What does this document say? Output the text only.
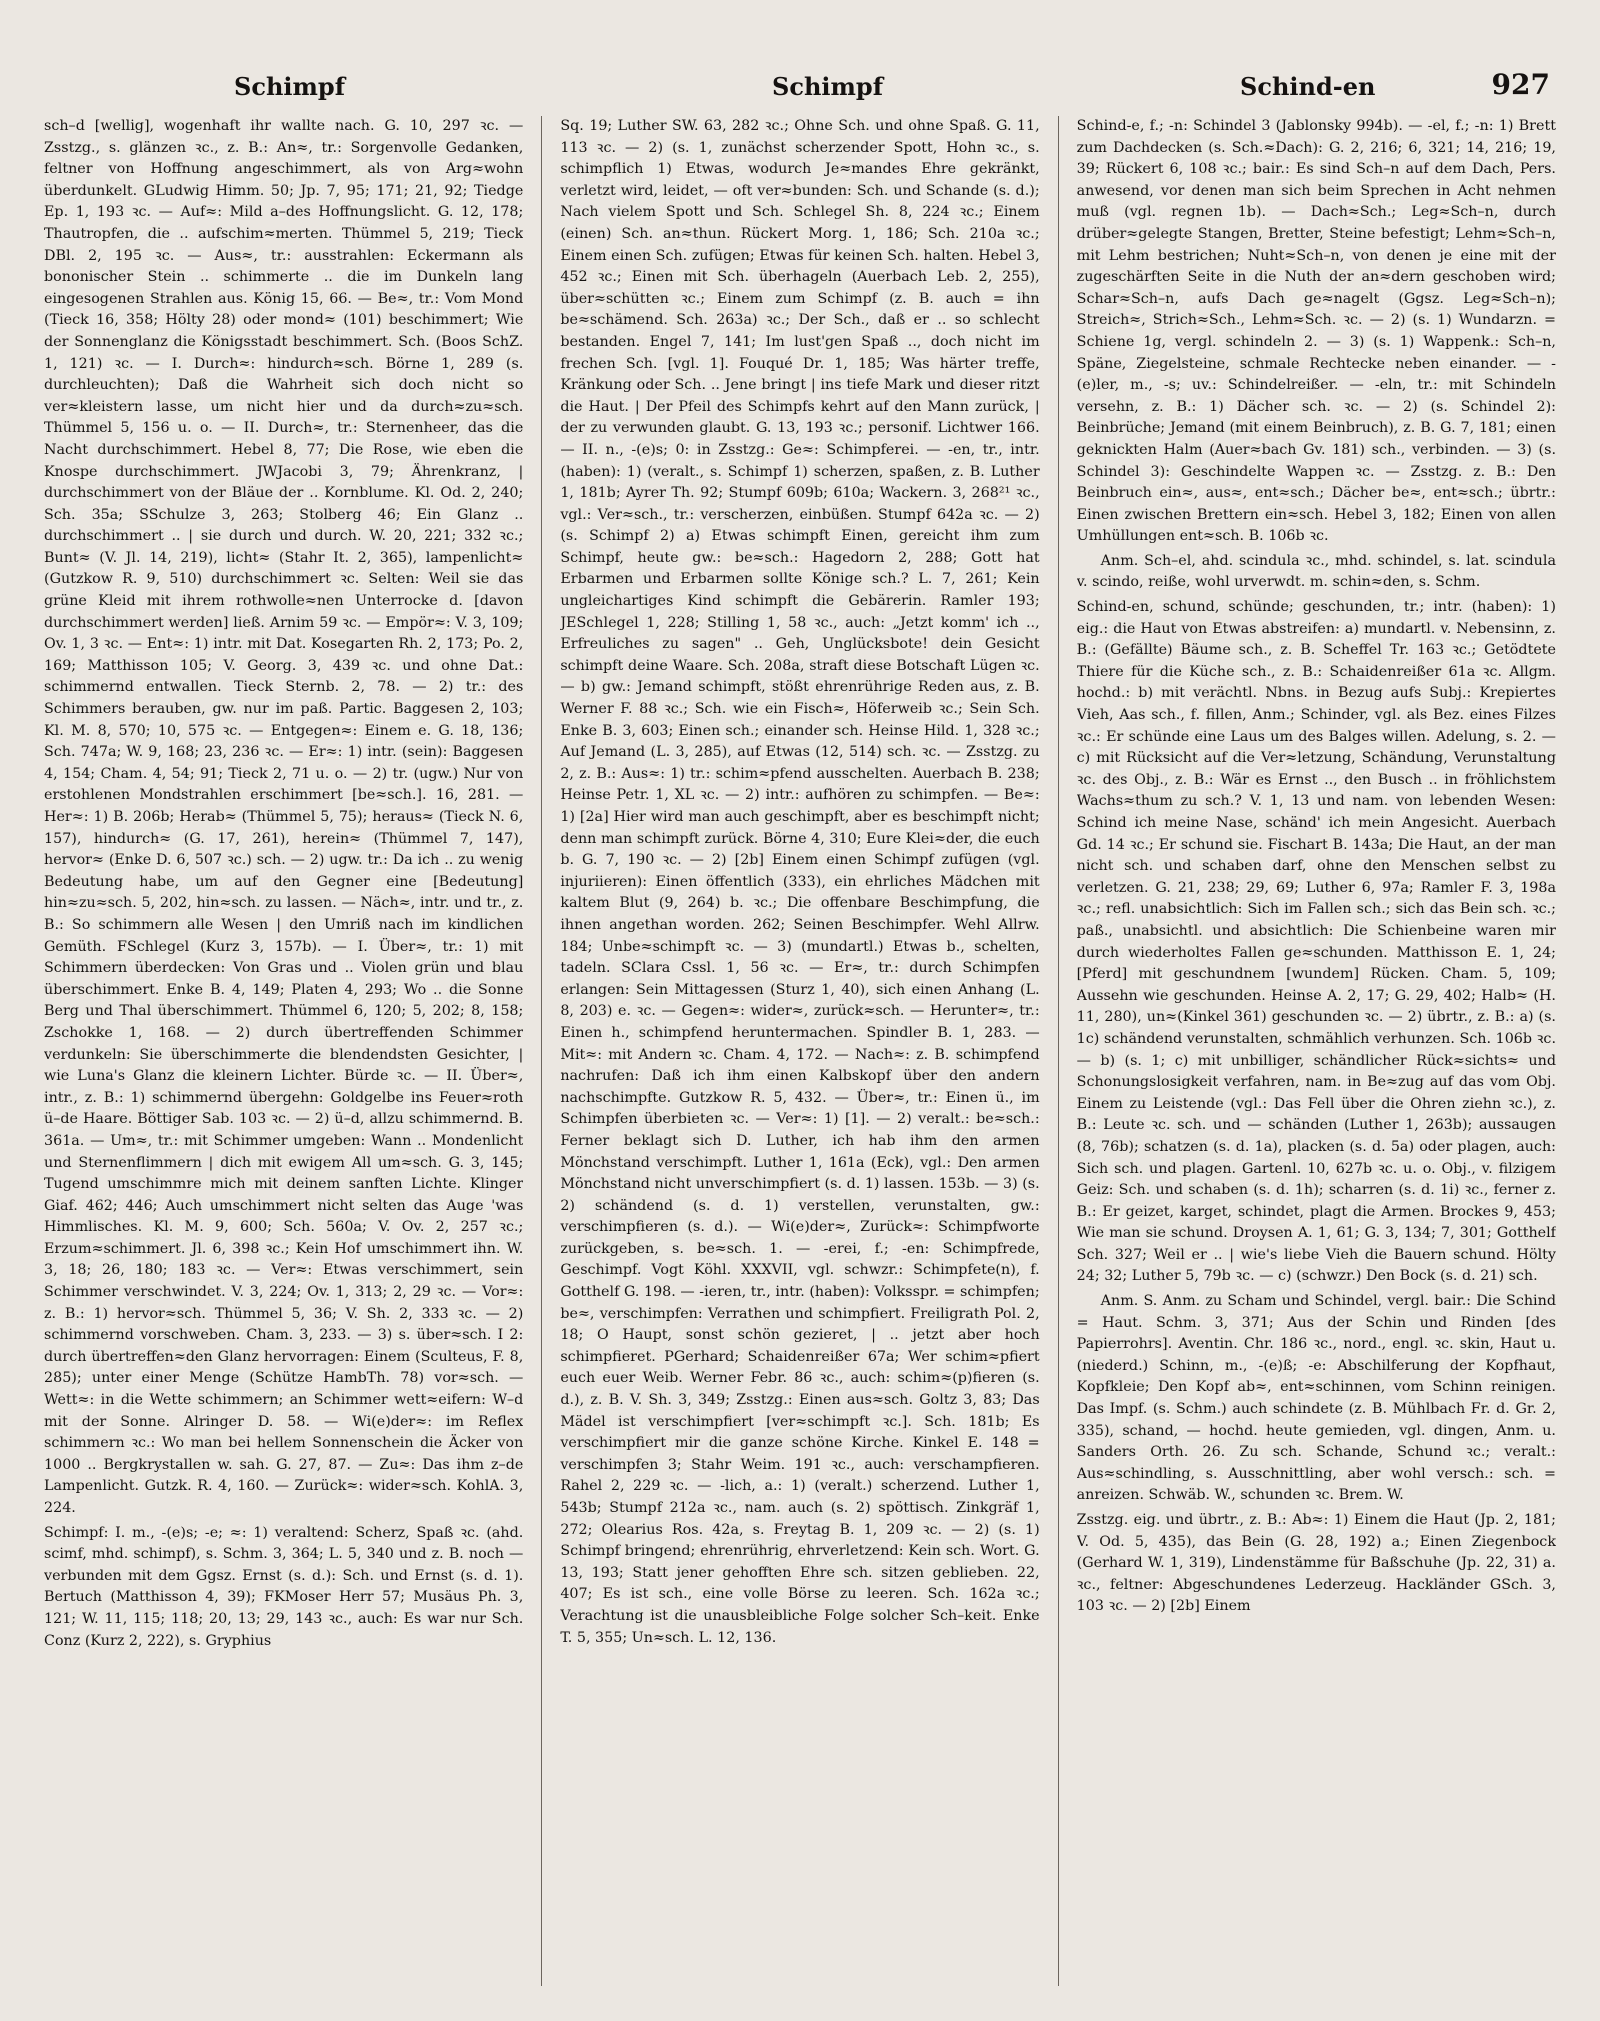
Schimpf	Schimpf	Schind-en	927

sch–d [wellig], wogenhaft ihr wallte nach. G. 10, 297 ꝛc. — Zsstzg., s. glänzen ꝛc., z. B.: An≈, tr.: Sorgenvolle Gedanken, feltner von Hoffnung angeschimmert, als von Arg≈wohn überdunkelt. GLudwig Himm. 50; Jp. 7, 95; 171; 21, 92; Tiedge Ep. 1, 193 ꝛc. — Auf≈: Mild a–des Hoffnungslicht. G. 12, 178; Thautropfen, die .. aufschim≈merten. Thümmel 5, 219; Tieck DBl. 2, 195 ꝛc. — Aus≈, tr.: ausstrahlen: Eckermann als bononischer Stein .. schimmerte .. die im Dunkeln lang eingesogenen Strahlen aus. König 15, 66. — Be≈, tr.: Vom Mond (Tieck 16, 358; Hölty 28) oder mond≈ (101) beschimmert; Wie der Sonnenglanz die Königsstadt beschimmert. Sch. (Boos SchZ. 1, 121) ꝛc. — I. Durch≈: hindurch≈sch. Börne 1, 289 (s. durchleuchten); Daß die Wahrheit sich doch nicht so ver≈kleistern lasse, um nicht hier und da durch≈zu≈sch. Thümmel 5, 156 u. o. — II. Durch≈, tr.: Sternenheer, das die Nacht durchschimmert. Hebel 8, 77; Die Rose, wie eben die Knospe durchschimmert. JWJacobi 3, 79; Ährenkranz, | durchschimmert von der Bläue der .. Kornblume. Kl. Od. 2, 240; Sch. 35a; SSchulze 3, 263; Stolberg 46; Ein Glanz .. durchschimmert .. | sie durch und durch. W. 20, 221; 332 ꝛc.; Bunt≈ (V. Jl. 14, 219), licht≈ (Stahr It. 2, 365), lampenlicht≈ (Gutzkow R. 9, 510) durchschimmert ꝛc. Selten: Weil sie das grüne Kleid mit ihrem rothwolle≈nen Unterrocke d. [davon durchschimmert werden] ließ. Arnim 59 ꝛc. — Empör≈: V. 3, 109; Ov. 1, 3 ꝛc. — Ent≈: 1) intr. mit Dat. Kosegarten Rh. 2, 173; Po. 2, 169; Matthisson 105; V. Georg. 3, 439 ꝛc. und ohne Dat.: schimmernd entwallen. Tieck Sternb. 2, 78. — 2) tr.: des Schimmers berauben, gw. nur im paß. Partic. Baggesen 2, 103; Kl. M. 8, 570; 10, 575 ꝛc. — Entgegen≈: Einem e. G. 18, 136; Sch. 747a; W. 9, 168; 23, 236 ꝛc. — Er≈: 1) intr. (sein): Baggesen 4, 154; Cham. 4, 54; 91; Tieck 2, 71 u. o. — 2) tr. (ugw.) Nur von erstohlenen Mondstrahlen erschimmert [be≈sch.]. 16, 281. — Her≈: 1) B. 206b; Herab≈ (Thümmel 5, 75); heraus≈ (Tieck N. 6, 157), hindurch≈ (G. 17, 261), herein≈ (Thümmel 7, 147), hervor≈ (Enke D. 6, 507 ꝛc.) sch. — 2) ugw. tr.: Da ich .. zu wenig Bedeutung habe, um auf den Gegner eine [Bedeutung] hin≈zu≈sch. 5, 202, hin≈sch. zu lassen. — Näch≈, intr. und tr., z. B.: So schimmern alle Wesen | den Umriß nach im kindlichen Gemüth. FSchlegel (Kurz 3, 157b). — I. Über≈, tr.: 1) mit Schimmern überdecken: Von Gras und .. Violen grün und blau überschimmert. Enke B. 4, 149; Platen 4, 293; Wo .. die Sonne Berg und Thal überschimmert. Thümmel 6, 120; 5, 202; 8, 158; Zschokke 1, 168. — 2) durch übertreffenden Schimmer verdunkeln: Sie überschimmerte die blendendsten Gesichter, | wie Luna's Glanz die kleinern Lichter. Bürde ꝛc. — II. Über≈, intr., z. B.: 1) schimmernd übergehn: Goldgelbe ins Feuer≈roth ü–de Haare. Böttiger Sab. 103 ꝛc. — 2) ü–d, allzu schimmernd. B. 361a. — Um≈, tr.: mit Schimmer umgeben: Wann .. Mondenlicht und Sternenflimmern | dich mit ewigem All um≈sch. G. 3, 145; Tugend umschimmre mich mit deinem sanften Lichte. Klinger Giaf. 462; 446; Auch umschimmert nicht selten das Auge 'was Himmlisches. Kl. M. 9, 600; Sch. 560a; V. Ov. 2, 257 ꝛc.; Erzum≈schimmert. Jl. 6, 398 ꝛc.; Kein Hof umschimmert ihn. W. 3, 18; 26, 180; 183 ꝛc. — Ver≈: Etwas verschimmert, sein Schimmer verschwindet. V. 3, 224; Ov. 1, 313; 2, 29 ꝛc. — Vor≈: z. B.: 1) hervor≈sch. Thümmel 5, 36; V. Sh. 2, 333 ꝛc. — 2) schimmernd vorschweben. Cham. 3, 233. — 3) s. über≈sch. I 2: durch übertreffen≈den Glanz hervorragen: Einem (Sculteus, F. 8, 285); unter einer Menge (Schütze HambTh. 78) vor≈sch. — Wett≈: in die Wette schimmern; an Schimmer wett≈eifern: W–d mit der Sonne. Alringer D. 58. — Wi(e)der≈: im Reflex schimmern ꝛc.: Wo man bei hellem Sonnenschein die Äcker von 1000 .. Bergkrystallen w. sah. G. 27, 87. — Zu≈: Das ihm z–de Lampenlicht. Gutzk. R. 4, 160. — Zurück≈: wider≈sch. KohlA. 3, 224.

Schimpf: I. m., -(e)s; -e; ≈: 1) veraltend: Scherz, Spaß ꝛc. (ahd. scimf, mhd. schimpf), s. Schm. 3, 364; L. 5, 340 und z. B. noch — verbunden mit dem Ggsz. Ernst (s. d.): Sch. und Ernst (s. d. 1). Bertuch (Matthisson 4, 39); FKMoser Herr 57; Musäus Ph. 3, 121; W. 11, 115; 118; 20, 13; 29, 143 ꝛc., auch: Es war nur Sch. Conz (Kurz 2, 222), s. Gryphius

Sq. 19; Luther SW. 63, 282 ꝛc.; Ohne Sch. und ohne Spaß. G. 11, 113 ꝛc. — 2) (s. 1, zunächst scherzender Spott, Hohn ꝛc., s. schimpflich 1) Etwas, wodurch Je≈mandes Ehre gekränkt, verletzt wird, leidet, — oft ver≈bunden: Sch. und Schande (s. d.); Nach vielem Spott und Sch. Schlegel Sh. 8, 224 ꝛc.; Einem (einen) Sch. an≈thun. Rückert Morg. 1, 186; Sch. 210a ꝛc.; Einem einen Sch. zufügen; Etwas für keinen Sch. halten. Hebel 3, 452 ꝛc.; Einen mit Sch. überhageln (Auerbach Leb. 2, 255), über≈schütten ꝛc.; Einem zum Schimpf (z. B. auch = ihn be≈schämend. Sch. 263a) ꝛc.; Der Sch., daß er .. so schlecht bestanden. Engel 7, 141; Im lust'gen Spaß .., doch nicht im frechen Sch. [vgl. 1]. Fouqué Dr. 1, 185; Was härter treffe, Kränkung oder Sch. .. Jene bringt | ins tiefe Mark und dieser ritzt die Haut. | Der Pfeil des Schimpfs kehrt auf den Mann zurück, | der zu verwunden glaubt. G. 13, 193 ꝛc.; personif. Lichtwer 166. — II. n., -(e)s; 0: in Zsstzg.: Ge≈: Schimpferei. — -en, tr., intr. (haben): 1) (veralt., s. Schimpf 1) scherzen, spaßen, z. B. Luther 1, 181b; Ayrer Th. 92; Stumpf 609b; 610a; Wackern. 3, 268²¹ ꝛc., vgl.: Ver≈sch., tr.: verscherzen, einbüßen. Stumpf 642a ꝛc. — 2) (s. Schimpf 2) a) Etwas schimpft Einen, gereicht ihm zum Schimpf, heute gw.: be≈sch.: Hagedorn 2, 288; Gott hat Erbarmen und Erbarmen sollte Könige sch.? L. 7, 261; Kein ungleichartiges Kind schimpft die Gebärerin. Ramler 193; JESchlegel 1, 228; Stilling 1, 58 ꝛc., auch: „Jetzt komm' ich .., Erfreuliches zu sagen" .. Geh, Unglücksbote! dein Gesicht schimpft deine Waare. Sch. 208a, straft diese Botschaft Lügen ꝛc. — b) gw.: Jemand schimpft, stößt ehrenrührige Reden aus, z. B. Werner F. 88 ꝛc.; Sch. wie ein Fisch≈, Höferweib ꝛc.; Sein Sch. Enke B. 3, 603; Einen sch.; einander sch. Heinse Hild. 1, 328 ꝛc.; Auf Jemand (L. 3, 285), auf Etwas (12, 514) sch. ꝛc. — Zsstzg. zu 2, z. B.: Aus≈: 1) tr.: schim≈pfend ausschelten. Auerbach B. 238; Heinse Petr. 1, XL ꝛc. — 2) intr.: aufhören zu schimpfen. — Be≈: 1) [2a] Hier wird man auch geschimpft, aber es beschimpft nicht; denn man schimpft zurück. Börne 4, 310; Eure Klei≈der, die euch b. G. 7, 190 ꝛc. — 2) [2b] Einem einen Schimpf zufügen (vgl. injuriieren): Einen öffentlich (333), ein ehrliches Mädchen mit kaltem Blut (9, 264) b. ꝛc.; Die offenbare Beschimpfung, die ihnen angethan worden. 262; Seinen Beschimpfer. Wehl Allrw. 184; Unbe≈schimpft ꝛc. — 3) (mundartl.) Etwas b., schelten, tadeln. SClara Cssl. 1, 56 ꝛc. — Er≈, tr.: durch Schimpfen erlangen: Sein Mittagessen (Sturz 1, 40), sich einen Anhang (L. 8, 203) e. ꝛc. — Gegen≈: wider≈, zurück≈sch. — Herunter≈, tr.: Einen h., schimpfend heruntermachen. Spindler B. 1, 283. — Mit≈: mit Andern ꝛc. Cham. 4, 172. — Nach≈: z. B. schimpfend nachrufen: Daß ich ihm einen Kalbskopf über den andern nachschimpfte. Gutzkow R. 5, 432. — Über≈, tr.: Einen ü., im Schimpfen überbieten ꝛc. — Ver≈: 1) [1]. — 2) veralt.: be≈sch.: Ferner beklagt sich D. Luther, ich hab ihm den armen Mönchstand verschimpft. Luther 1, 161a (Eck), vgl.: Den armen Mönchstand nicht unverschimpfiert (s. d. 1) lassen. 153b. — 3) (s. 2) schändend (s. d. 1) verstellen, verunstalten, gw.: verschimpfieren (s. d.). — Wi(e)der≈, Zurück≈: Schimpfworte zurückgeben, s. be≈sch. 1. — -erei, f.; -en: Schimpfrede, Geschimpf. Vogt Köhl. XXXVII, vgl. schwzr.: Schimpfete(n), f. Gotthelf G. 198. — -ieren, tr., intr. (haben): Volksspr. = schimpfen; be≈, verschimpfen: Verrathen und schimpfiert. Freiligrath Pol. 2, 18; O Haupt, sonst schön gezieret, | .. jetzt aber hoch schimpfieret. PGerhard; Schaidenreißer 67a; Wer schim≈pfiert euch euer Weib. Werner Febr. 86 ꝛc., auch: schim≈(p)fieren (s. d.), z. B. V. Sh. 3, 349; Zsstzg.: Einen aus≈sch. Goltz 3, 83; Das Mädel ist verschimpfiert [ver≈schimpft ꝛc.]. Sch. 181b; Es verschimpfiert mir die ganze schöne Kirche. Kinkel E. 148 = verschimpfen 3; Stahr Weim. 191 ꝛc., auch: verschampfieren. Rahel 2, 229 ꝛc. — -lich, a.: 1) (veralt.) scherzend. Luther 1, 543b; Stumpf 212a ꝛc., nam. auch (s. 2) spöttisch. Zinkgräf 1, 272; Olearius Ros. 42a, s. Freytag B. 1, 209 ꝛc. — 2) (s. 1) Schimpf bringend; ehrenrührig, ehrverletzend: Kein sch. Wort. G. 13, 193; Statt jener gehofften Ehre sch. sitzen geblieben. 22, 407; Es ist sch., eine volle Börse zu leeren. Sch. 162a ꝛc.; Verachtung ist die unausbleibliche Folge solcher Sch–keit. Enke T. 5, 355; Un≈sch. L. 12, 136.

Schind-e, f.; -n: Schindel 3 (Jablonsky 994b). — -el, f.; -n: 1) Brett zum Dachdecken (s. Sch.≈Dach): G. 2, 216; 6, 321; 14, 216; 19, 39; Rückert 6, 108 ꝛc.; bair.: Es sind Sch–n auf dem Dach, Pers. anwesend, vor denen man sich beim Sprechen in Acht nehmen muß (vgl. regnen 1b). — Dach≈Sch.; Leg≈Sch–n, durch drüber≈gelegte Stangen, Bretter, Steine befestigt; Lehm≈Sch–n, mit Lehm bestrichen; Nuht≈Sch–n, von denen je eine mit der zugeschärften Seite in die Nuth der an≈dern geschoben wird; Schar≈Sch–n, aufs Dach ge≈nagelt (Ggsz. Leg≈Sch–n); Streich≈, Strich≈Sch., Lehm≈Sch. ꝛc. — 2) (s. 1) Wundarzn. = Schiene 1g, vergl. schindeln 2. — 3) (s. 1) Wappenk.: Sch–n, Späne, Ziegelsteine, schmale Rechtecke neben einander. — -(e)ler, m., -s; uv.: Schindelreißer. — -eln, tr.: mit Schindeln versehn, z. B.: 1) Dächer sch. ꝛc. — 2) (s. Schindel 2): Beinbrüche; Jemand (mit einem Beinbruch), z. B. G. 7, 181; einen geknickten Halm (Auer≈bach Gv. 181) sch., verbinden. — 3) (s. Schindel 3): Geschindelte Wappen ꝛc. — Zsstzg. z. B.: Den Beinbruch ein≈, aus≈, ent≈sch.; Dächer be≈, ent≈sch.; übrtr.: Einen zwischen Brettern ein≈sch. Hebel 3, 182; Einen von allen Umhüllungen ent≈sch. B. 106b ꝛc.

Anm. Sch–el, ahd. scindula ꝛc., mhd. schindel, s. lat. scindula v. scindo, reiße, wohl urverwdt. m. schin≈den, s. Schm.

Schind-en, schund, schünde; geschunden, tr.; intr. (haben): 1) eig.: die Haut von Etwas abstreifen: a) mundartl. v. Nebensinn, z. B.: (Gefällte) Bäume sch., z. B. Scheffel Tr. 163 ꝛc.; Getödtete Thiere für die Küche sch., z. B.: Schaidenreißer 61a ꝛc. Allgm. hochd.: b) mit verächtl. Nbns. in Bezug aufs Subj.: Krepiertes Vieh, Aas sch., f. fillen, Anm.; Schinder, vgl. als Bez. eines Filzes ꝛc.: Er schünde eine Laus um des Balges willen. Adelung, s. 2. — c) mit Rücksicht auf die Ver≈letzung, Schändung, Verunstaltung ꝛc. des Obj., z. B.: Wär es Ernst .., den Busch .. in fröhlichstem Wachs≈thum zu sch.? V. 1, 13 und nam. von lebenden Wesen: Schind ich meine Nase, schänd' ich mein Angesicht. Auerbach Gd. 14 ꝛc.; Er schund sie. Fischart B. 143a; Die Haut, an der man nicht sch. und schaben darf, ohne den Menschen selbst zu verletzen. G. 21, 238; 29, 69; Luther 6, 97a; Ramler F. 3, 198a ꝛc.; refl. unabsichtlich: Sich im Fallen sch.; sich das Bein sch. ꝛc.; paß., unabsichtl. und absichtlich: Die Schienbeine waren mir durch wiederholtes Fallen ge≈schunden. Matthisson E. 1, 24; [Pferd] mit geschundnem [wundem] Rücken. Cham. 5, 109; Aussehn wie geschunden. Heinse A. 2, 17; G. 29, 402; Halb≈ (H. 11, 280), un≈(Kinkel 361) geschunden ꝛc. — 2) übrtr., z. B.: a) (s. 1c) schändend verunstalten, schmählich verhunzen. Sch. 106b ꝛc. — b) (s. 1; c) mit unbilliger, schändlicher Rück≈sichts≈ und Schonungslosigkeit verfahren, nam. in Be≈zug auf das vom Obj. Einem zu Leistende (vgl.: Das Fell über die Ohren ziehn ꝛc.), z. B.: Leute ꝛc. sch. und — schänden (Luther 1, 263b); aussaugen (8, 76b); schatzen (s. d. 1a), placken (s. d. 5a) oder plagen, auch: Sich sch. und plagen. Gartenl. 10, 627b ꝛc. u. o. Obj., v. filzigem Geiz: Sch. und schaben (s. d. 1h); scharren (s. d. 1i) ꝛc., ferner z. B.: Er geizet, karget, schindet, plagt die Armen. Brockes 9, 453; Wie man sie schund. Droysen A. 1, 61; G. 3, 134; 7, 301; Gotthelf Sch. 327; Weil er .. | wie's liebe Vieh die Bauern schund. Hölty 24; 32; Luther 5, 79b ꝛc. — c) (schwzr.) Den Bock (s. d. 21) sch.

Anm. S. Anm. zu Scham und Schindel, vergl. bair.: Die Schind = Haut. Schm. 3, 371; Aus der Schin und Rinden [des Papierrohrs]. Aventin. Chr. 186 ꝛc., nord., engl. ꝛc. skin, Haut u. (niederd.) Schinn, m., -(e)ß; -e: Abschilferung der Kopfhaut, Kopfkleie; Den Kopf ab≈, ent≈schinnen, vom Schinn reinigen. Das Impf. (s. Schm.) auch schindete (z. B. Mühlbach Fr. d. Gr. 2, 335), schand, — hochd. heute gemieden, vgl. dingen, Anm. u. Sanders Orth. 26. Zu sch. Schande, Schund ꝛc.; veralt.: Aus≈schindling, s. Ausschnittling, aber wohl versch.: sch. = anreizen. Schwäb. W., schunden ꝛc. Brem. W.

Zsstzg. eig. und übrtr., z. B.: Ab≈: 1) Einem die Haut (Jp. 2, 181; V. Od. 5, 435), das Bein (G. 28, 192) a.; Einen Ziegenbock (Gerhard W. 1, 319), Lindenstämme für Baßschuhe (Jp. 22, 31) a. ꝛc., feltner: Abgeschundenes Lederzeug. Hackländer GSch. 3, 103 ꝛc. — 2) [2b] Einem
